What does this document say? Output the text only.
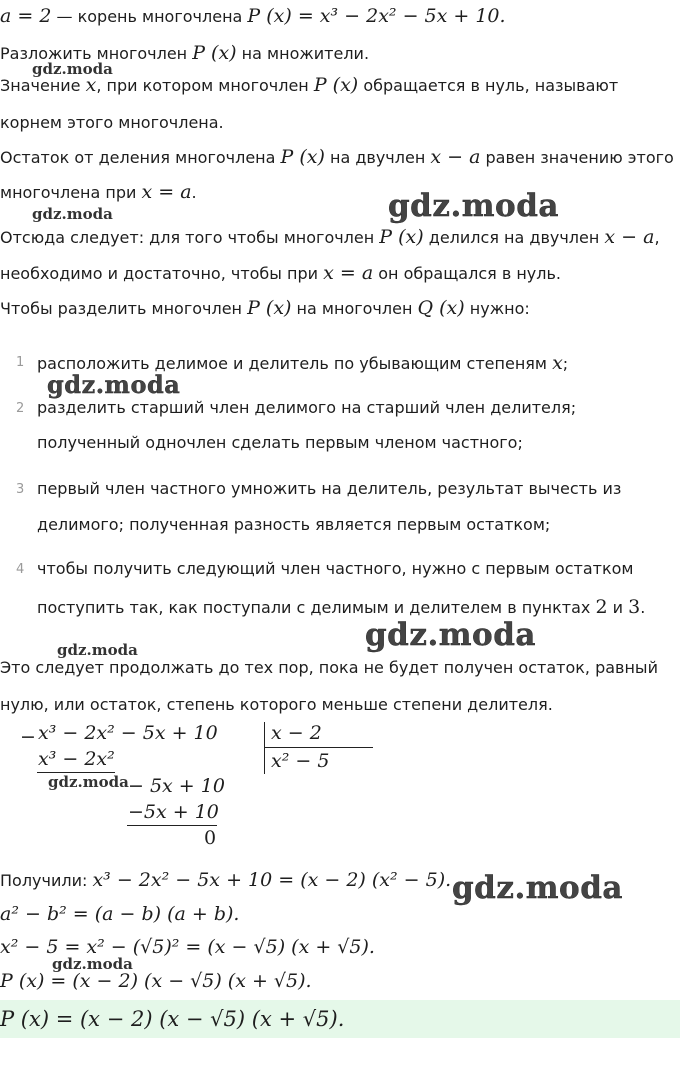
a = 2 — корень многочлена P (x) = x³ − 2x² − 5x + 10.
Разложить многочлен P (x) на множители.
gdz.moda
Значение x, при котором многочлен P (x) обращается в нуль, называют
корнем этого многочлена.
Остаток от деления многочлена P (x) на двучлен x − a равен значению этого
многочлена при x = a.
gdz.moda	gdz.moda
Отсюда следует: для того чтобы многочлен P (x) делился на двучлен x − a,
необходимо и достаточно, чтобы при x = a он обращался в нуль.
Чтобы разделить многочлен P (x) на многочлен Q (x) нужно:
1 расположить делимое и делитель по убывающим степеням x;
gdz.moda
2 разделить старший член делимого на старший член делителя;
полученный одночлен сделать первым членом частного;
3 первый член частного умножить на делитель, результат вычесть из
делимого; полученная разность является первым остатком;
4 чтобы получить следующий член частного, нужно с первым остатком
поступить так, как поступали с делимым и делителем в пунктах 2 и 3.
gdz.moda	gdz.moda
Это следует продолжать до тех пор, пока не будет получен остаток, равный
нулю, или остаток, степень которого меньше степени делителя.
− x³ − 2x² − 5x + 10	x − 2
x³ − 2x²	x² − 5
gdz.moda − 5x + 10
−5x + 10
0
Получили: x³ − 2x² − 5x + 10 = (x − 2) (x² − 5). gdz.moda
a² − b² = (a − b) (a + b).
x² − 5 = x² − (√5)² = (x − √5) (x + √5).
gdz.moda
P (x) = (x − 2) (x − √5) (x + √5).
P (x) = (x − 2) (x − √5) (x + √5).
